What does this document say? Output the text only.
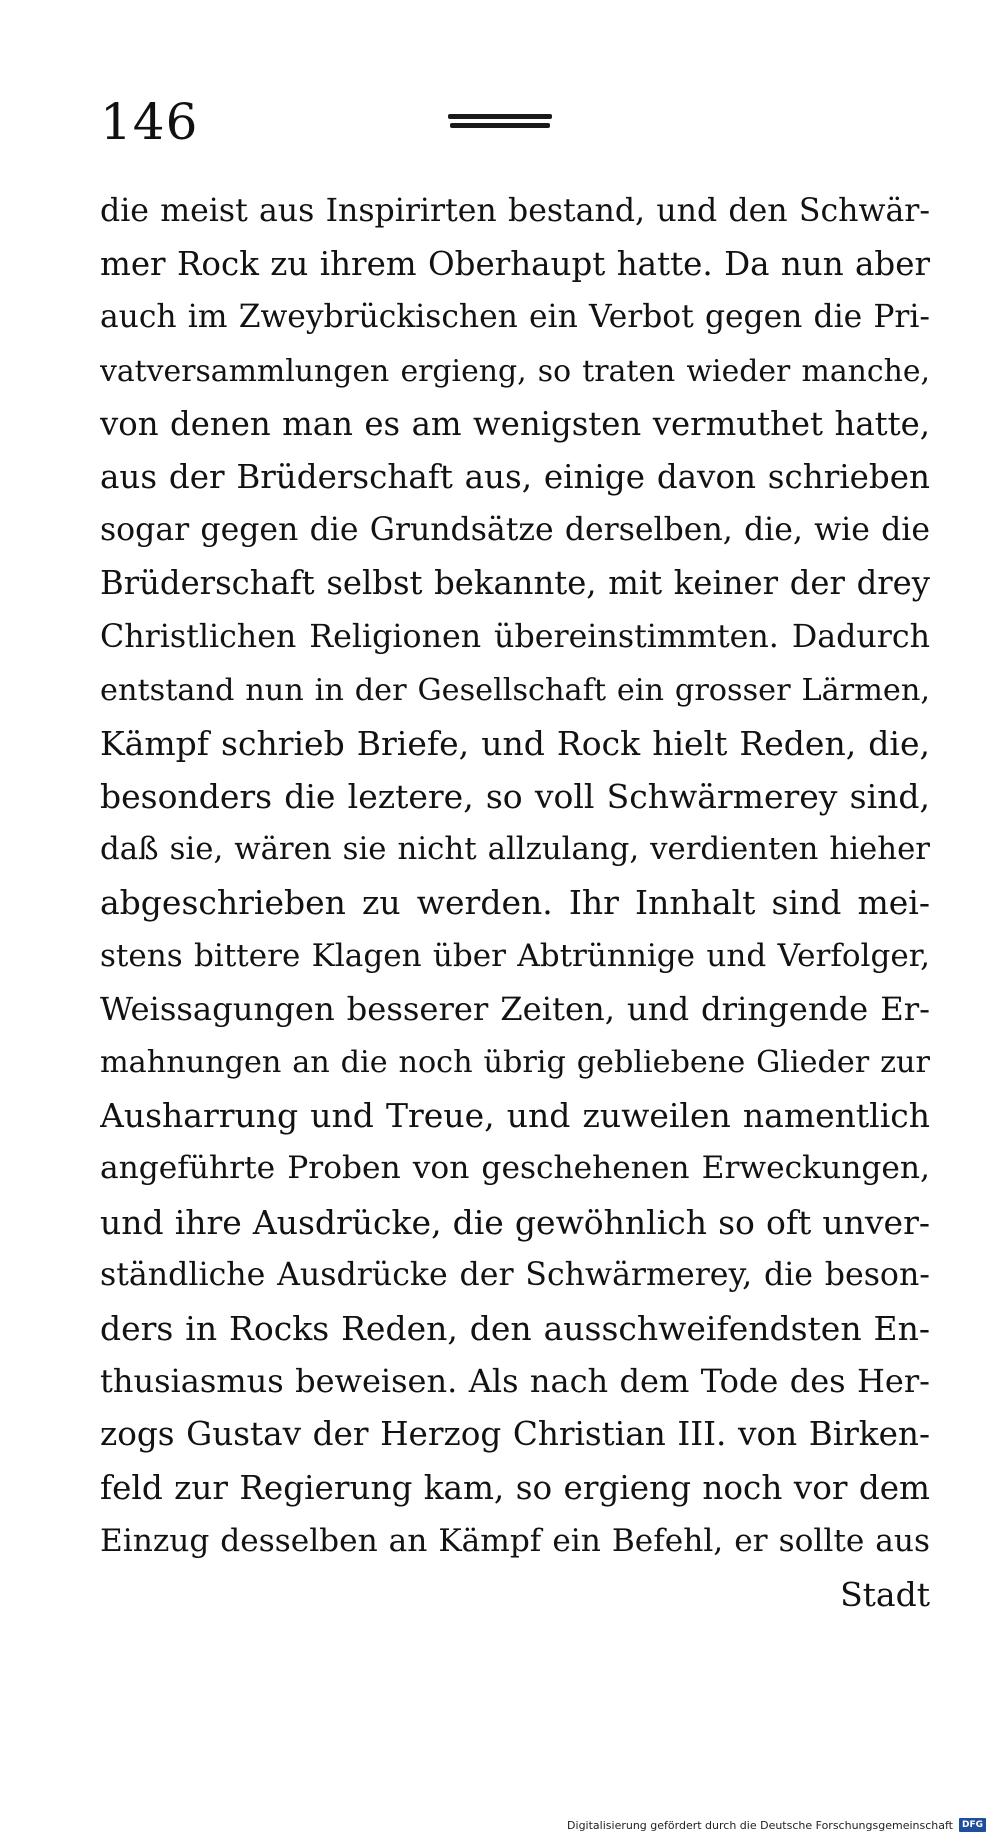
146
die meist aus Inspirirten bestand, und den Schwär-
mer Rock zu ihrem Oberhaupt hatte. Da nun aber
auch im Zweybrückischen ein Verbot gegen die Pri-
vatversammlungen ergieng, so traten wieder manche,
von denen man es am wenigsten vermuthet hatte,
aus der Brüderschaft aus, einige davon schrieben
sogar gegen die Grundsätze derselben, die, wie die
Brüderschaft selbst bekannte, mit keiner der drey
Christlichen Religionen übereinstimmten. Dadurch
entstand nun in der Gesellschaft ein grosser Lärmen,
Kämpf schrieb Briefe, und Rock hielt Reden, die,
besonders die leztere, so voll Schwärmerey sind,
daß sie, wären sie nicht allzulang, verdienten hieher
abgeschrieben zu werden. Ihr Innhalt sind mei-
stens bittere Klagen über Abtrünnige und Verfolger,
Weissagungen besserer Zeiten, und dringende Er-
mahnungen an die noch übrig gebliebene Glieder zur
Ausharrung und Treue, und zuweilen namentlich
angeführte Proben von geschehenen Erweckungen,
und ihre Ausdrücke, die gewöhnlich so oft unver-
ständliche Ausdrücke der Schwärmerey, die beson-
ders in Rocks Reden, den ausschweifendsten En-
thusiasmus beweisen. Als nach dem Tode des Her-
zogs Gustav der Herzog Christian III. von Birken-
feld zur Regierung kam, so ergieng noch vor dem
Einzug desselben an Kämpf ein Befehl, er sollte aus
Stadt
Digitalisierung gefördert durch die Deutsche Forschungsgemeinschaft	DFG
